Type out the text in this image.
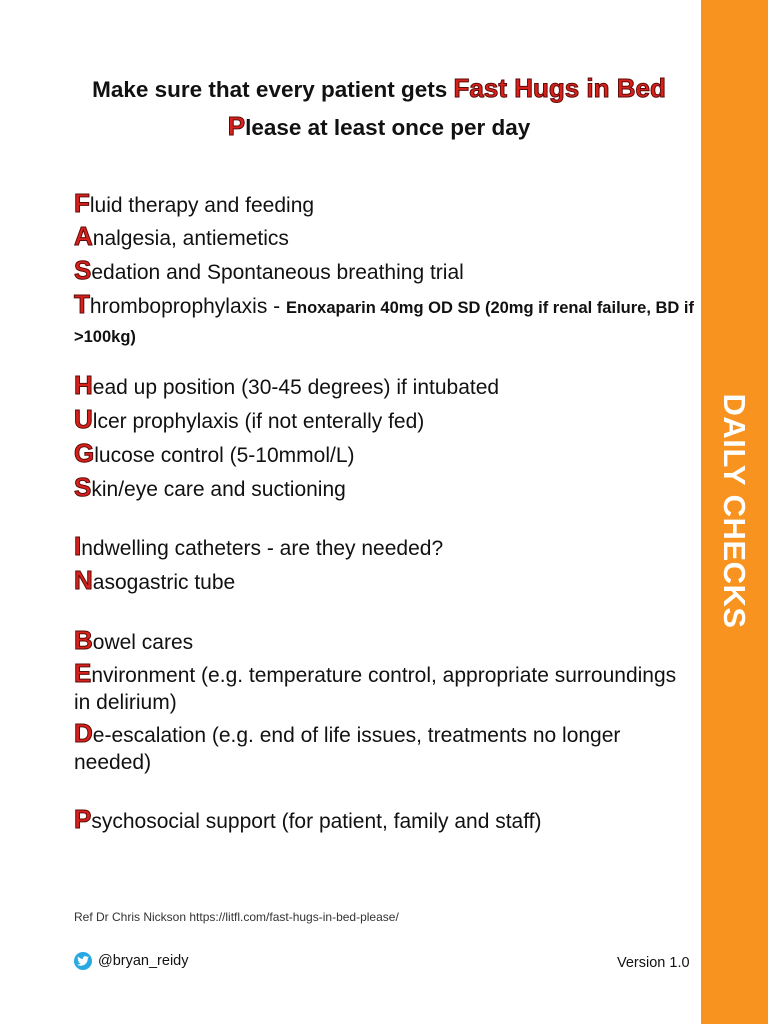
DAILY CHECKS
Make sure that every patient gets Fast Hugs in Bed Please at least once per day
Fluid therapy and feeding
Analgesia, antiemetics
Sedation and Spontaneous breathing trial
Thromboprophylaxis - Enoxaparin 40mg OD SD (20mg if renal failure, BD if >100kg)
Head up position (30-45 degrees) if intubated
Ulcer prophylaxis (if not enterally fed)
Glucose control (5-10mmol/L)
Skin/eye care and suctioning
Indwelling catheters - are they needed?
Nasogastric tube
Bowel cares
Environment (e.g. temperature control, appropriate surroundings in delirium)
De-escalation (e.g. end of life issues, treatments no longer needed)
Psychosocial support (for patient, family and staff)
Ref Dr Chris Nickson https://litfl.com/fast-hugs-in-bed-please/
@bryan_reidy	Version 1.0
